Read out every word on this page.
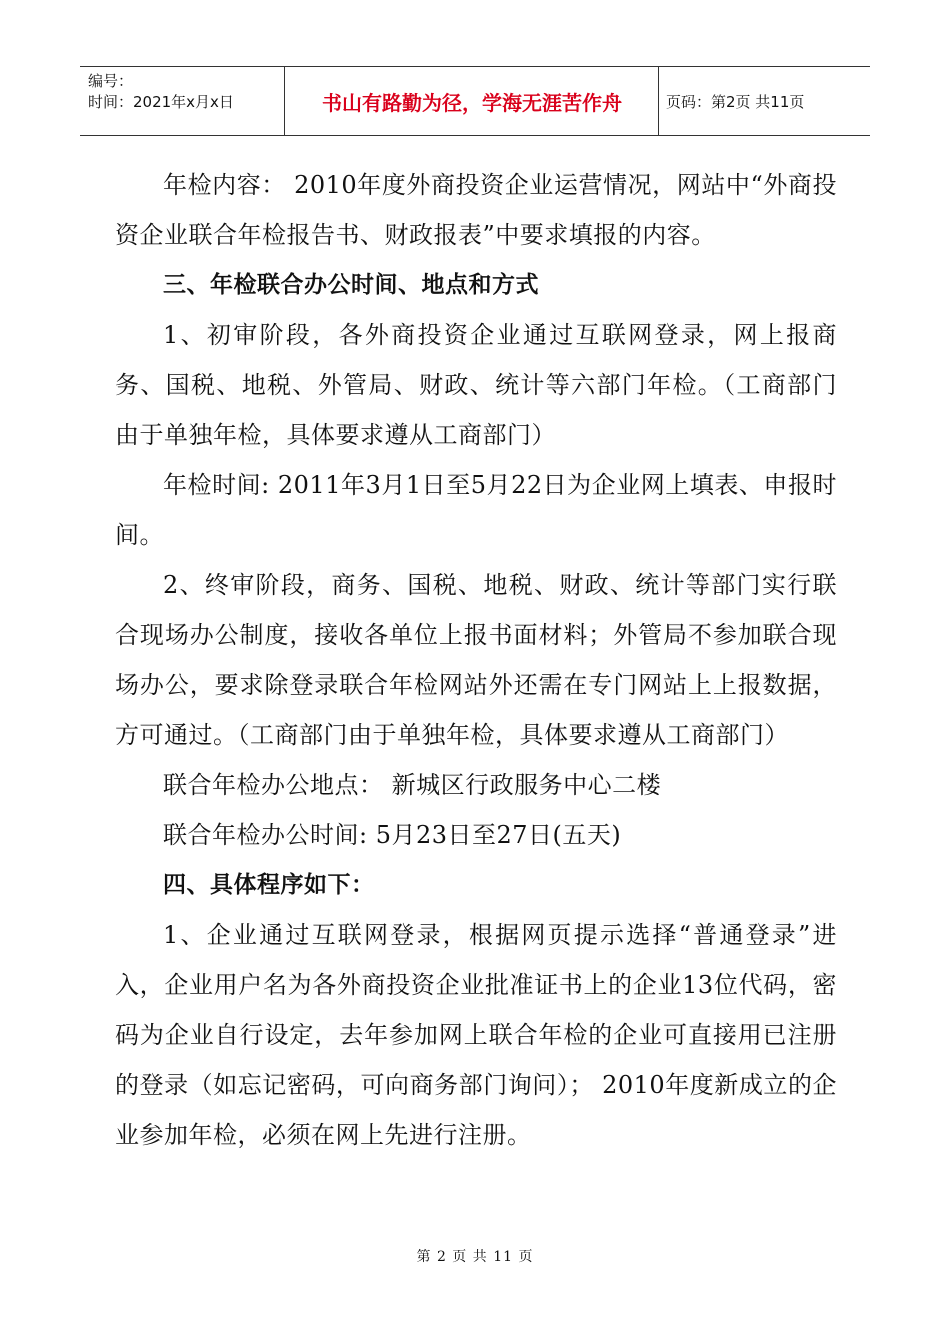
编号：
时间：2021年x月x日	书山有路勤为径，学海无涯苦作舟	页码：第2页 共11页

年检内容： 2010年度外商投资企业运营情况，网站中“外商投资企业联合年检报告书、财政报表”中要求填报的内容。

三、年检联合办公时间、地点和方式

1、初审阶段，各外商投资企业通过互联网登录，网上报商务、国税、地税、外管局、财政、统计等六部门年检。（工商部门由于单独年检，具体要求遵从工商部门）

年检时间: 2011年3月1日至5月22日为企业网上填表、申报时间。

2、终审阶段，商务、国税、地税、财政、统计等部门实行联合现场办公制度，接收各单位上报书面材料；外管局不参加联合现场办公，要求除登录联合年检网站外还需在专门网站上上报数据，方可通过。（工商部门由于单独年检，具体要求遵从工商部门）

联合年检办公地点： 新城区行政服务中心二楼

联合年检办公时间: 5月23日至27日(五天)

四、具体程序如下：

1、企业通过互联网登录，根据网页提示选择“普通登录”进入，企业用户名为各外商投资企业批准证书上的企业13位代码，密码为企业自行设定，去年参加网上联合年检的企业可直接用已注册的登录（如忘记密码，可向商务部门询问）； 2010年度新成立的企业参加年检，必须在网上先进行注册。

第 2 页 共 11 页
